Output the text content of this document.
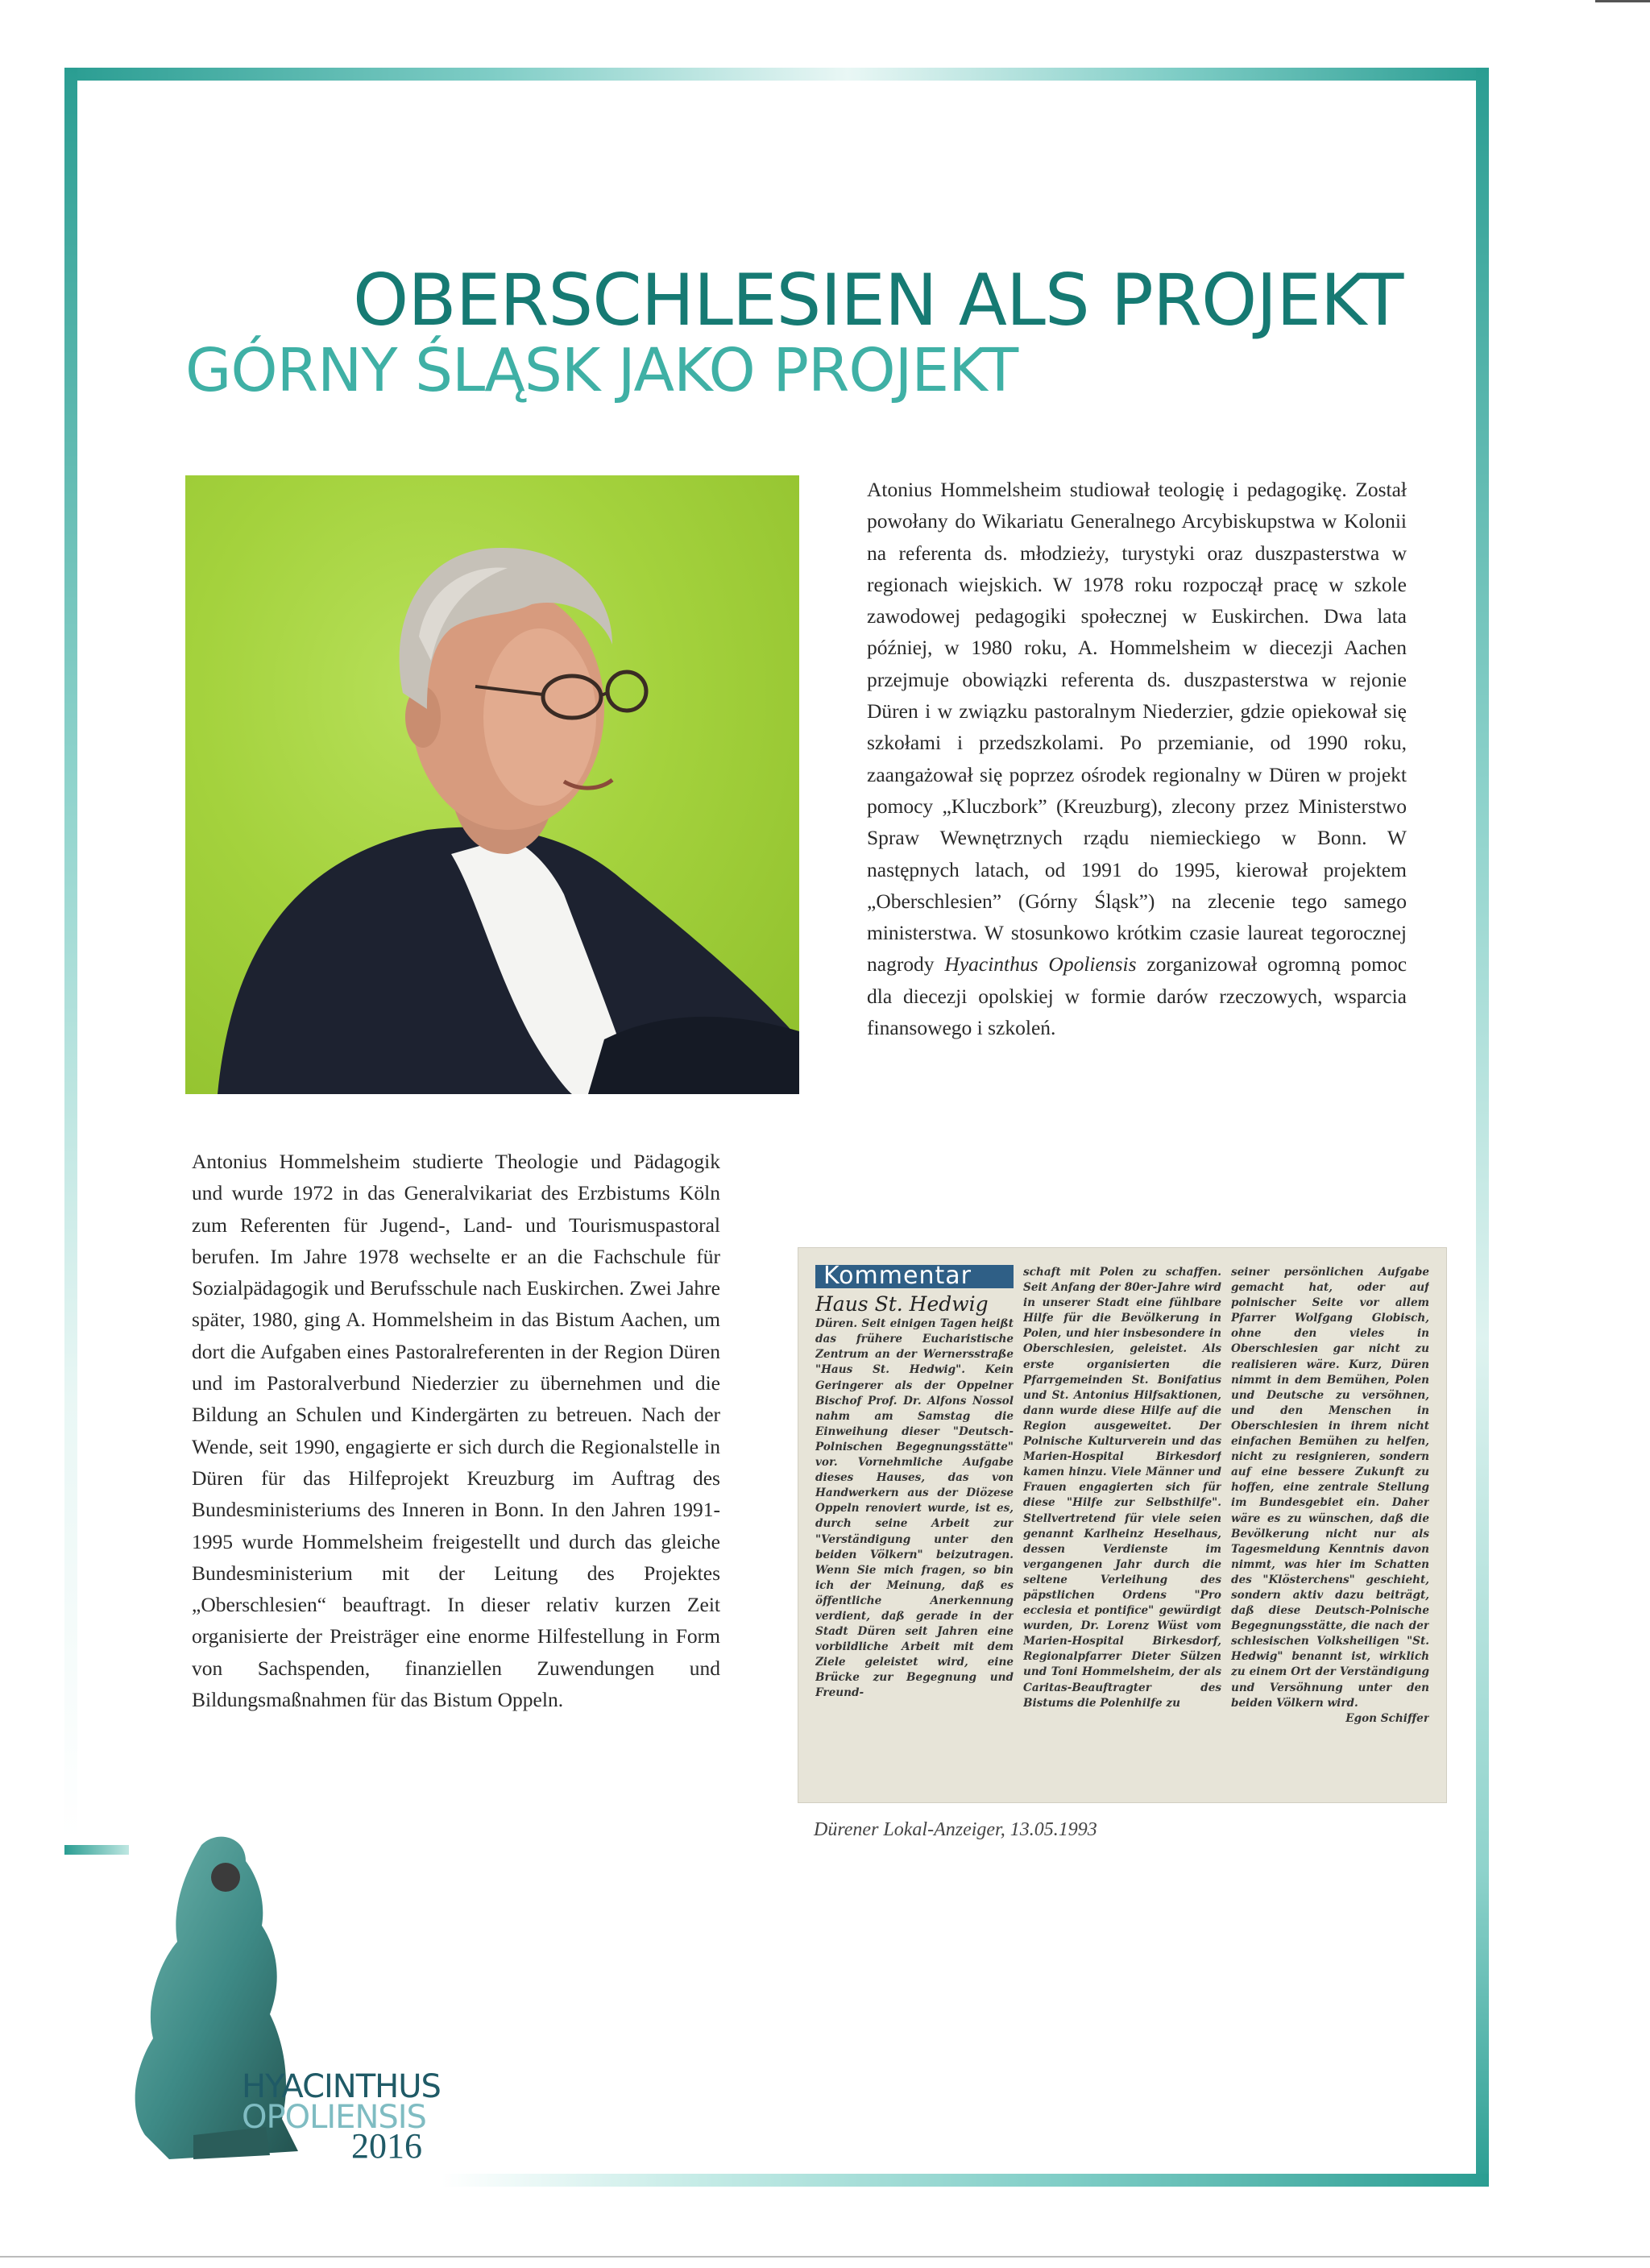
OBERSCHLESIEN ALS PROJEKT
GÓRNY ŚLĄSK JAKO PROJEKT
Atonius Hommelsheim studiował teologię i pedagogikę. Został powołany do Wikariatu Generalnego Arcybiskupstwa w Kolonii na referenta ds. młodzieży, turystyki oraz duszpasterstwa w regionach wiejskich. W 1978 roku rozpoczął pracę w szkole zawodowej pedagogiki społecznej w Euskirchen. Dwa lata później, w 1980 roku, A. Hommelsheim w diecezji Aachen przejmuje obowiązki referenta ds. duszpasterstwa w rejonie Düren i w związku pastoralnym Niederzier, gdzie opiekował się szkołami i przedszkolami. Po przemianie, od 1990 roku, zaangażował się poprzez ośrodek regionalny w Düren w projekt pomocy „Kluczbork” (Kreuzburg), zlecony przez Ministerstwo Spraw Wewnętrznych rządu niemieckiego w Bonn. W następnych latach, od 1991 do 1995, kierował projektem „Oberschlesien” (Górny Śląsk”) na zlecenie tego samego ministerstwa. W stosunkowo krótkim czasie laureat tegorocznej nagrody Hyacinthus Opoliensis zorganizował ogromną pomoc dla diecezji opolskiej w formie darów rzeczowych, wsparcia finansowego i szkoleń.
Antonius Hommelsheim studierte Theologie und Pädagogik und wurde 1972 in das Generalvikariat des Erzbistums Köln zum Referenten für Jugend-, Land- und Tourismuspastoral berufen. Im Jahre 1978 wechselte er an die Fachschule für Sozialpädagogik und Berufsschule nach Euskirchen. Zwei Jahre später, 1980, ging A. Hommelsheim in das Bistum Aachen, um dort die Aufgaben eines Pastoralreferenten in der Region Düren und im Pastoralverbund Niederzier zu übernehmen und die Bildung an Schulen und Kindergärten zu betreuen. Nach der Wende, seit 1990, engagierte er sich durch die Regionalstelle in Düren für das Hilfeprojekt Kreuzburg im Auftrag des Bundesministeriums des Inneren in Bonn. In den Jahren 1991-1995 wurde Hommelsheim freigestellt und durch das gleiche Bundesministerium mit der Leitung des Projektes „Oberschlesien“ beauftragt. In dieser relativ kurzen Zeit organisierte der Preisträger eine enorme Hilfestellung in Form von Sachspenden, finanziellen Zuwendungen und Bildungsmaßnahmen für das Bistum Oppeln.
Kommentar
Haus St. Hedwig
Düren. Seit einigen Tagen heißt das frühere Eucharistische Zentrum an der Wernersstraße "Haus St. Hedwig". Kein Geringerer als der Oppelner Bischof Prof. Dr. Alfons Nossol nahm am Samstag die Einweihung dieser "Deutsch-Polnischen Begegnungsstätte" vor. Vornehmliche Aufgabe dieses Hauses, das von Handwerkern aus der Diözese Oppeln renoviert wurde, ist es, durch seine Arbeit zur "Verständigung unter den beiden Völkern" beizutragen. Wenn Sie mich fragen, so bin ich der Meinung, daß es öffentliche Anerkennung verdient, daß gerade in der Stadt Düren seit Jahren eine vorbildliche Arbeit mit dem Ziele geleistet wird, eine Brücke zur Begegnung und Freund-
schaft mit Polen zu schaffen. Seit Anfang der 80er-Jahre wird in unserer Stadt eine fühlbare Hilfe für die Bevölkerung in Polen, und hier insbesondere in Oberschlesien, geleistet. Als erste organisierten die Pfarrgemeinden St. Bonifatius und St. Antonius Hilfsaktionen, dann wurde diese Hilfe auf die Region ausgeweitet. Der Polnische Kulturverein und das Marien-Hospital Birkesdorf kamen hinzu. Viele Männer und Frauen engagierten sich für diese "Hilfe zur Selbsthilfe". Stellvertretend für viele seien genannt Karlheinz Heselhaus, dessen Verdienste im vergangenen Jahr durch die seltene Verleihung des päpstlichen Ordens "Pro ecclesia et pontifice" gewürdigt wurden, Dr. Lorenz Wüst vom Marien-Hospital Birkesdorf, Regionalpfarrer Dieter Sülzen und Toni Hommelsheim, der als Caritas-Beauftragter des Bistums die Polenhilfe zu
seiner persönlichen Aufgabe gemacht hat, oder auf polnischer Seite vor allem Pfarrer Wolfgang Globisch, ohne den vieles in Oberschlesien gar nicht zu realisieren wäre. Kurz, Düren nimmt in dem Bemühen, Polen und Deutsche zu versöhnen, und den Menschen in Oberschlesien in ihrem nicht einfachen Bemühen zu helfen, nicht zu resignieren, sondern auf eine bessere Zukunft zu hoffen, eine zentrale Stellung im Bundesgebiet ein. Daher wäre es zu wünschen, daß die Bevölkerung nicht nur als Tagesmeldung Kenntnis davon nimmt, was hier im Schatten des "Klösterchens" geschieht, sondern aktiv dazu beiträgt, daß diese Deutsch-Polnische Begegnungsstätte, die nach der schlesischen Volksheiligen "St. Hedwig" benannt ist, wirklich zu einem Ort der Verständigung und Versöhnung unter den beiden Völkern wird.
Egon Schiffer
Dürener Lokal-Anzeiger, 13.05.1993
HYACINTHUS
OPOLIENSIS
2016
